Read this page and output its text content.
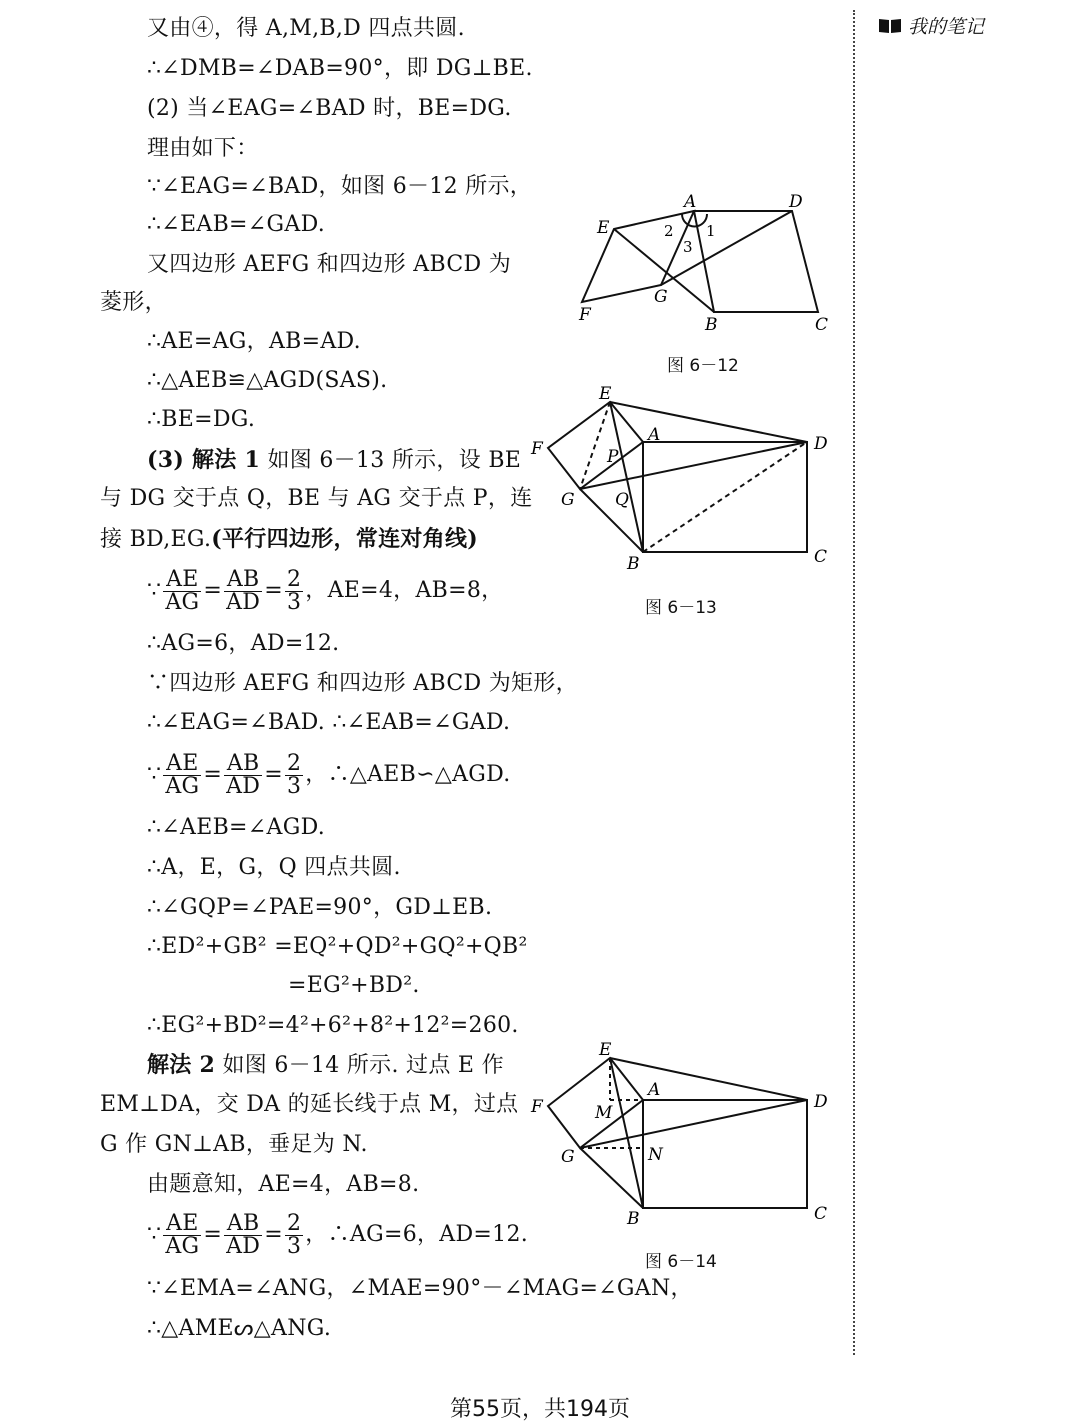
我的笔记
又由④，得 A,M,B,D 四点共圆.
∴∠DMB=∠DAB=90°，即 DG⊥BE.
(2) 当∠EAG=∠BAD 时，BE=DG.
理由如下：
∵∠EAG=∠BAD，如图 6－12 所示，
∴∠EAB=∠GAD.
又四边形 AEFG 和四边形 ABCD 为
菱形，
∴AE=AG，AB=AD.
∴△AEB≌△AGD(SAS).
∴BE=DG.
(3) 解法 1 如图 6－13 所示，设 BE
与 DG 交于点 Q，BE 与 AG 交于点 P，连
接 BD,EG.(平行四边形，常连对角线)
∵ $\frac{AE}{AG} = \frac{AB}{AD} = \frac{2}{3}$ ，AE=4，AB=8，
∴AG=6，AD=12.
∵四边形 AEFG 和四边形 ABCD 为矩形，
∴∠EAG=∠BAD. ∴∠EAB=∠GAD.
∵ $\frac{AE}{AG} = \frac{AB}{AD} = \frac{2}{3}$ ，∴△AEB∽△AGD.
∴∠AEB=∠AGD.
∴A，E，G，Q 四点共圆.
∴∠GQP=∠PAE=90°，GD⊥EB.
∴ED²+GB² =EQ²+QD²+GQ²+QB²
=EG²+BD².
∴EG²+BD²=4²+6²+8²+12²=260.
解法 2 如图 6－14 所示. 过点 E 作
EM⊥DA，交 DA 的延长线于点 M，过点
G 作 GN⊥AB，垂足为 N.
由题意知，AE=4，AB=8.
∵ $\frac{AE}{AG} = \frac{AB}{AD} = \frac{2}{3}$ ，∴AG=6，AD=12.
∵∠EMA=∠ANG，∠MAE=90°－∠MAG=∠GAN，
∴△AMEᔕ△ANG.
A	D
E
G
F	B	C
1
2
3
图 6－12
E
A
F	P
D
G Q
B	C
图 6－13
E
A
F	M
D
G	N
B	C
图 6－14
第55页，共194页
